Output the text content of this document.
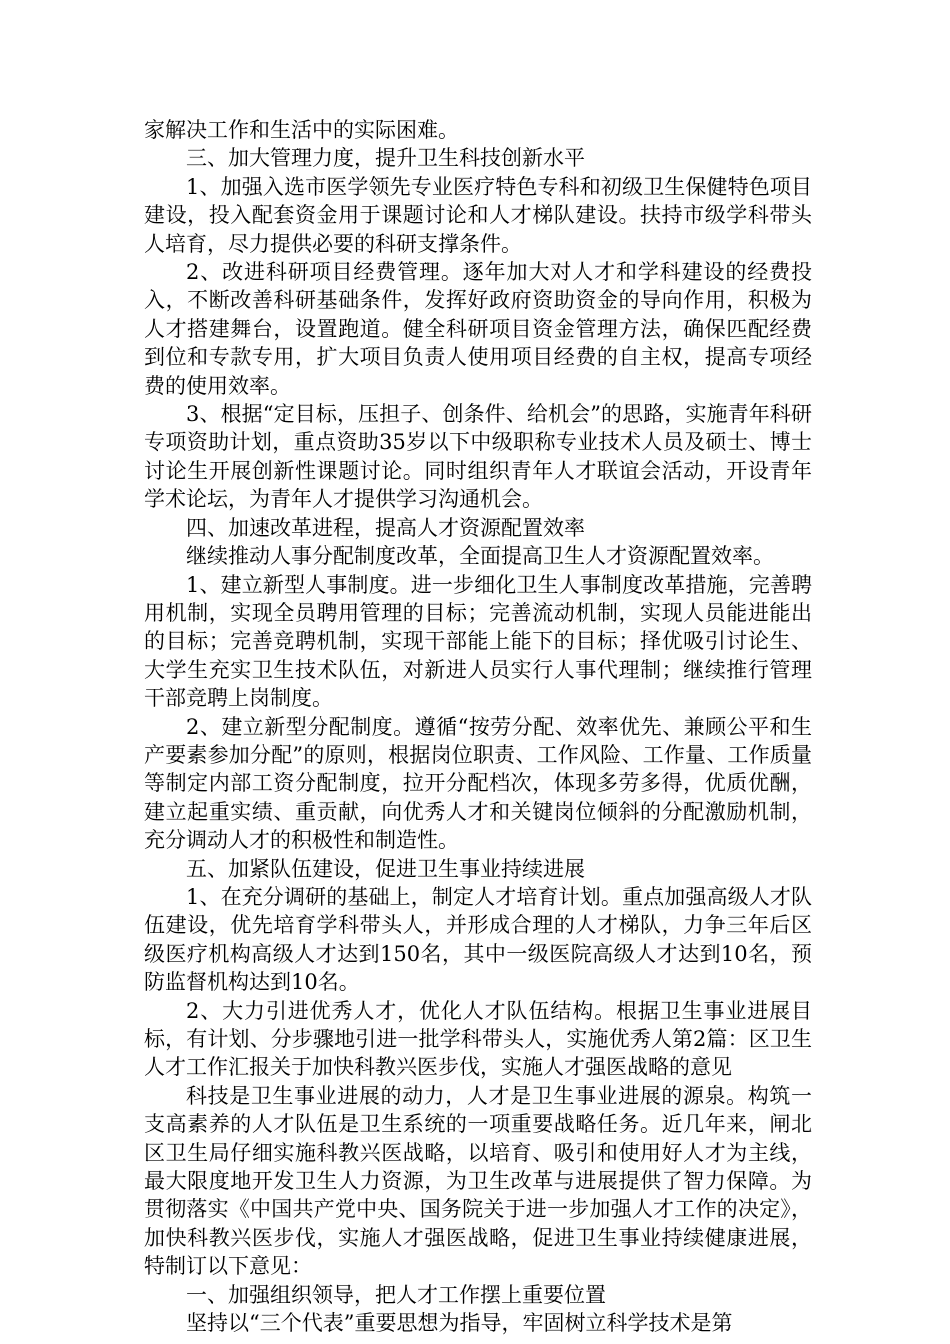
家解决工作和生活中的实际困难。

三、加大管理力度，提升卫生科技创新水平

1、加强入选市医学领先专业医疗特色专科和初级卫生保健特色项目建设，投入配套资金用于课题讨论和人才梯队建设。扶持市级学科带头人培育，尽力提供必要的科研支撑条件。

2、改进科研项目经费管理。逐年加大对人才和学科建设的经费投入，不断改善科研基础条件，发挥好政府资助资金的导向作用，积极为人才搭建舞台，设置跑道。健全科研项目资金管理方法，确保匹配经费到位和专款专用，扩大项目负责人使用项目经费的自主权，提高专项经费的使用效率。

3、根据“定目标，压担子、创条件、给机会”的思路，实施青年科研专项资助计划，重点资助35岁以下中级职称专业技术人员及硕士、博士讨论生开展创新性课题讨论。同时组织青年人才联谊会活动，开设青年学术论坛，为青年人才提供学习沟通机会。

四、加速改革进程，提高人才资源配置效率

继续推动人事分配制度改革，全面提高卫生人才资源配置效率。

1、建立新型人事制度。进一步细化卫生人事制度改革措施，完善聘用机制，实现全员聘用管理的目标；完善流动机制，实现人员能进能出的目标；完善竞聘机制，实现干部能上能下的目标；择优吸引讨论生、大学生充实卫生技术队伍，对新进人员实行人事代理制；继续推行管理干部竞聘上岗制度。

2、建立新型分配制度。遵循“按劳分配、效率优先、兼顾公平和生产要素参加分配”的原则，根据岗位职责、工作风险、工作量、工作质量等制定内部工资分配制度，拉开分配档次，体现多劳多得，优质优酬，建立起重实绩、重贡献，向优秀人才和关键岗位倾斜的分配激励机制，充分调动人才的积极性和制造性。

五、加紧队伍建设，促进卫生事业持续进展

1、在充分调研的基础上，制定人才培育计划。重点加强高级人才队伍建设，优先培育学科带头人，并形成合理的人才梯队，力争三年后区级医疗机构高级人才达到150名，其中一级医院高级人才达到10名，预防监督机构达到10名。

2、大力引进优秀人才，优化人才队伍结构。根据卫生事业进展目标，有计划、分步骤地引进一批学科带头人，实施优秀人第2篇：区卫生人才工作汇报关于加快科教兴医步伐，实施人才强医战略的意见

科技是卫生事业进展的动力，人才是卫生事业进展的源泉。构筑一支高素养的人才队伍是卫生系统的一项重要战略任务。近几年来，闸北区卫生局仔细实施科教兴医战略，以培育、吸引和使用好人才为主线，最大限度地开发卫生人力资源，为卫生改革与进展提供了智力保障。为贯彻落实《中国共产党中央、国务院关于进一步加强人才工作的决定》，加快科教兴医步伐，实施人才强医战略，促进卫生事业持续健康进展，特制订以下意见：

一、加强组织领导，把人才工作摆上重要位置

坚持以“三个代表”重要思想为指导，牢固树立科学技术是第
